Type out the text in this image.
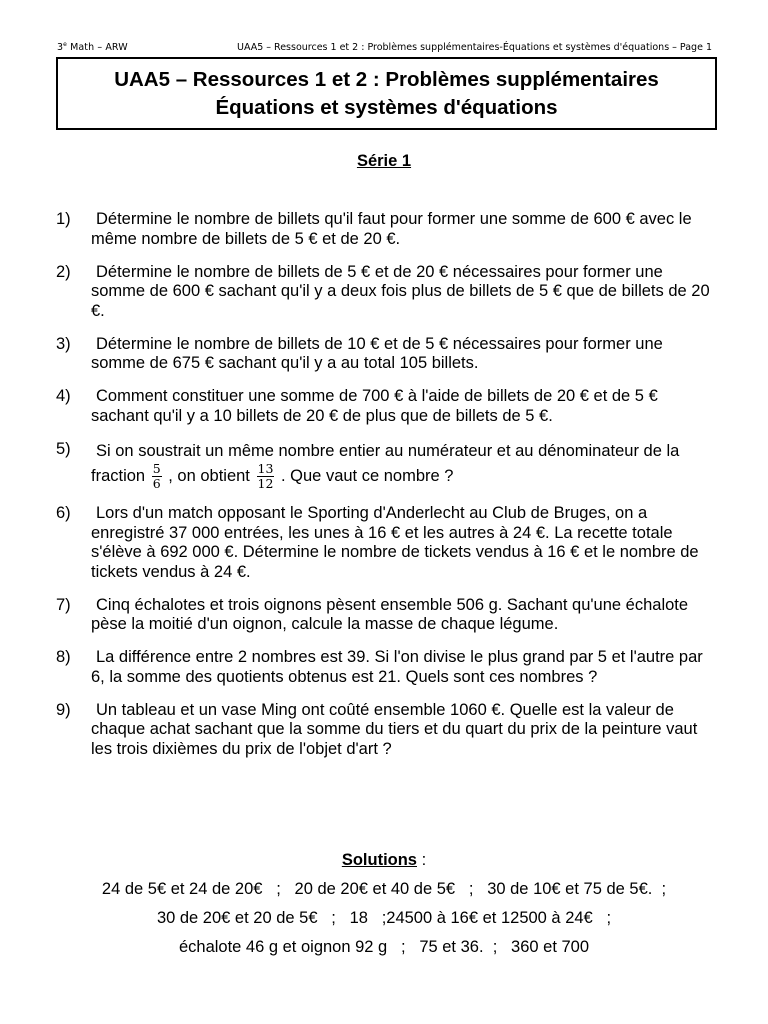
3e Math – ARW	UAA5 – Ressources 1 et 2 : Problèmes supplémentaires-Équations et systèmes d'équations – Page 1
UAA5 – Ressources 1 et 2 : Problèmes supplémentaires
Équations et systèmes d'équations
Série 1
1)	Détermine le nombre de billets qu'il faut pour former une somme de 600 € avec le même nombre de billets de 5 € et de 20 €.
2)	Détermine le nombre de billets de 5 € et de 20 € nécessaires pour former une somme de 600 € sachant qu'il y a deux fois plus de billets de 5 € que de billets de 20 €.
3)	Détermine le nombre de billets de 10 € et de 5 € nécessaires pour former une somme de 675 € sachant qu'il y a au total 105 billets.
4)	Comment constituer une somme de 700 € à l'aide de billets de 20 € et de 5 € sachant qu'il y a 10 billets de 20 € de plus que de billets de 5 €.
5)	Si on soustrait un même nombre entier au numérateur et au dénominateur de la fraction $\frac{5}{6}$ , on obtient $\frac{13}{12}$ . Que vaut ce nombre ?
6)	Lors d'un match opposant le Sporting d'Anderlecht au Club de Bruges, on a enregistré 37 000 entrées, les unes à 16 € et les autres à 24 €. La recette totale s'élève à 692 000 €. Détermine le nombre de tickets vendus à 16 € et le nombre de tickets vendus à 24 €.
7)	Cinq échalotes et trois oignons pèsent ensemble 506 g. Sachant qu'une échalote pèse la moitié d'un oignon, calcule la masse de chaque légume.
8)	La différence entre 2 nombres est 39. Si l'on divise le plus grand par 5 et l'autre par 6, la somme des quotients obtenus est 21. Quels sont ces nombres ?
9)	Un tableau et un vase Ming ont coûté ensemble 1060 €. Quelle est la valeur de chaque achat sachant que la somme du tiers et du quart du prix de la peinture vaut les trois dixièmes du prix de l'objet d'art ?
Solutions :
24 de 5€ et 24 de 20€   ;   20 de 20€ et 40 de 5€   ;   30 de 10€ et 75 de 5€.  ;
30 de 20€ et 20 de 5€   ;   18   ;24500 à 16€ et 12500 à 24€   ;
échalote 46 g et oignon 92 g   ;   75 et 36.  ;   360 et 700
